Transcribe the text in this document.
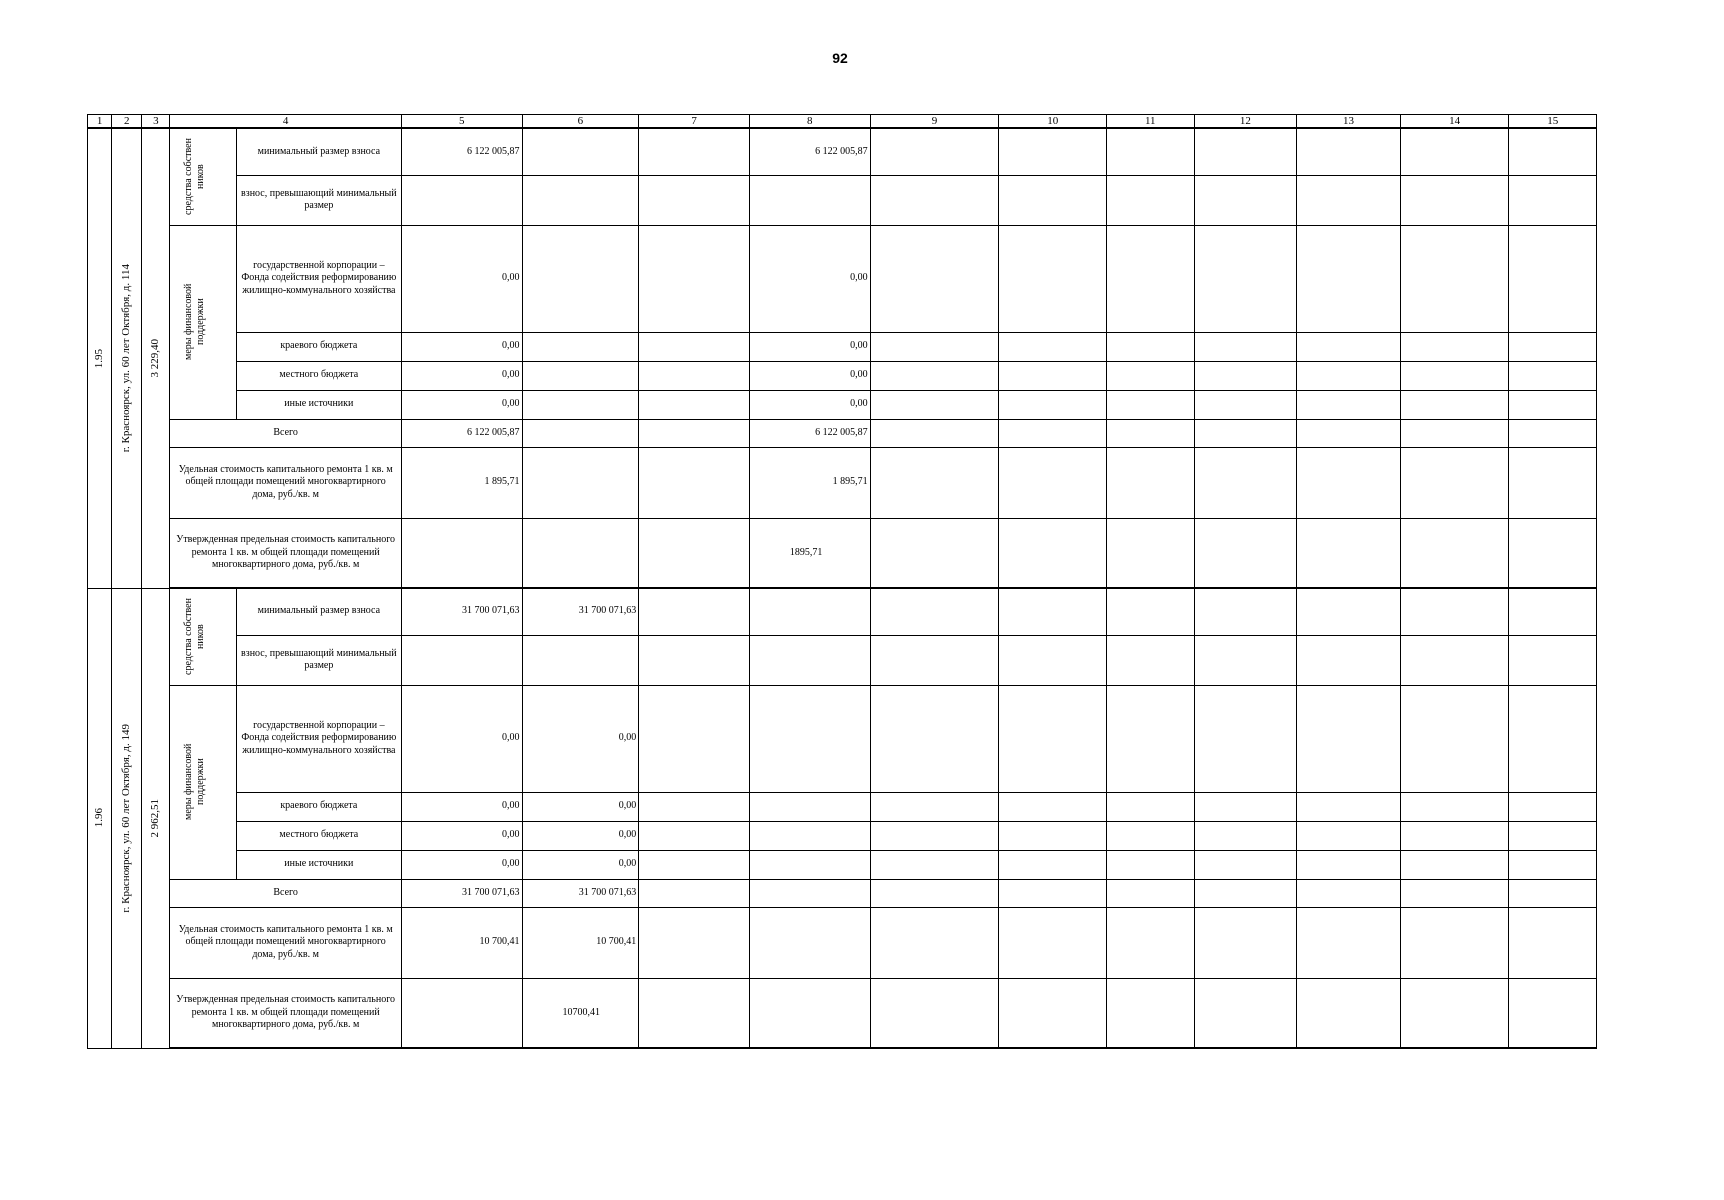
92
1	2	3	4		5	6	7	8	9	10	11	12	13	14	15

1.95	г. Красноярск, ул. 60 лет Октября, д. 114	3 229,40	средства собствен ников	минимальный размер взноса	6 122 005,87			6 122 005,87							
				взнос, превышающий минимальный размер											

			меры финансовой поддержки	государственной корпорации – Фонда содействия реформированию жилищно-коммунального хозяйства	0,00			0,00							
				краевого бюджета	0,00			0,00							
				местного бюджета	0,00			0,00							
				иные источники	0,00			0,00							
			Всего		6 122 005,87			6 122 005,87							
			Удельная стоимость капитального ремонта 1 кв. м общей площади помещений многоквартирного дома, руб./кв. м		1 895,71			1 895,71							
			Утвержденная предельная стоимость капитального ремонта 1 кв. м общей площади помещений многоквартирного дома, руб./кв. м					1895,71							

1.96	г. Красноярск, ул. 60 лет Октября, д. 149	2 962,51	средства собствен ников	минимальный размер взноса	31 700 071,63	31 700 071,63									
				взнос, превышающий минимальный размер											

			меры финансовой поддержки	государственной корпорации – Фонда содействия реформированию жилищно-коммунального хозяйства	0,00	0,00									
				краевого бюджета	0,00	0,00									
				местного бюджета	0,00	0,00									
				иные источники	0,00	0,00									
			Всего		31 700 071,63	31 700 071,63									
			Удельная стоимость капитального ремонта 1 кв. м общей площади помещений многоквартирного дома, руб./кв. м		10 700,41	10 700,41									
			Утвержденная предельная стоимость капитального ремонта 1 кв. м общей площади помещений многоквартирного дома, руб./кв. м			10700,41									
